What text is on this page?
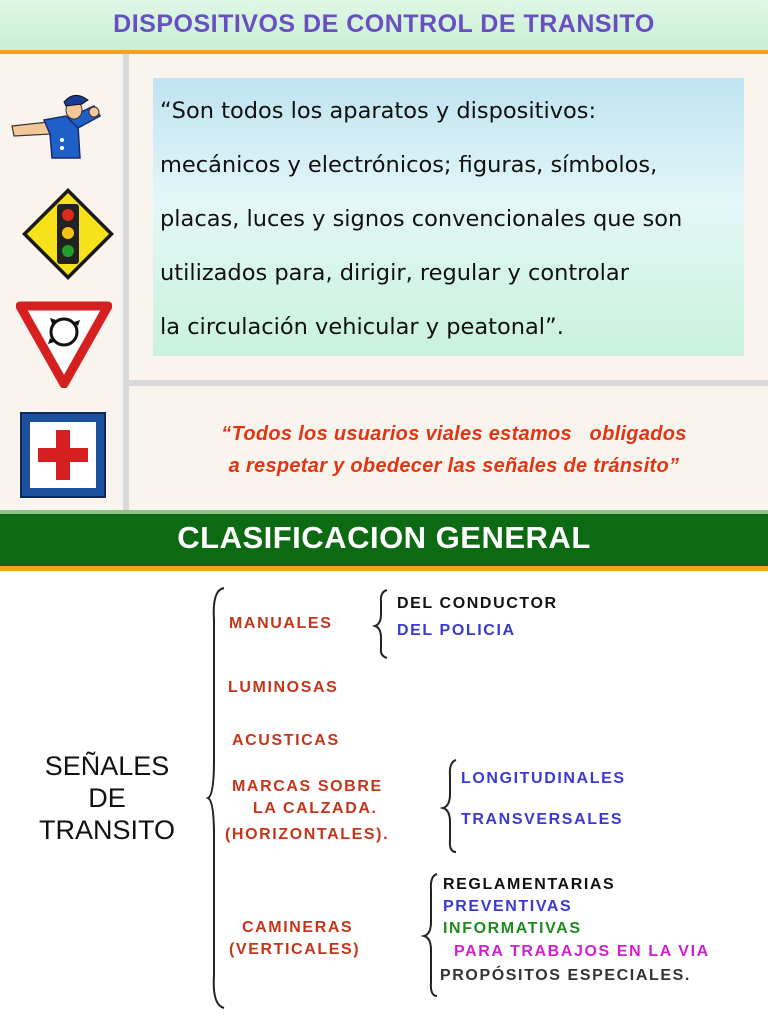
DISPOSITIVOS DE CONTROL DE TRANSITO
“Son todos los aparatos y dispositivos:
mecánicos y electrónicos; figuras, símbolos,
placas, luces y signos convencionales que son
utilizados para, dirigir, regular y controlar
la circulación vehicular y peatonal”.
“Todos los usuarios viales estamos   obligados
a respetar y obedecer las señales de tránsito”
CLASIFICACION GENERAL
SEÑALES
DE
TRANSITO
MANUALES
DEL CONDUCTOR
DEL POLICIA
LUMINOSAS
ACUSTICAS
MARCAS SOBRE
LA CALZADA.
(HORIZONTALES).
LONGITUDINALES
TRANSVERSALES
CAMINERAS
(VERTICALES)
REGLAMENTARIAS
PREVENTIVAS
INFORMATIVAS
PARA TRABAJOS EN LA VIA
PROPÓSITOS ESPECIALES.
